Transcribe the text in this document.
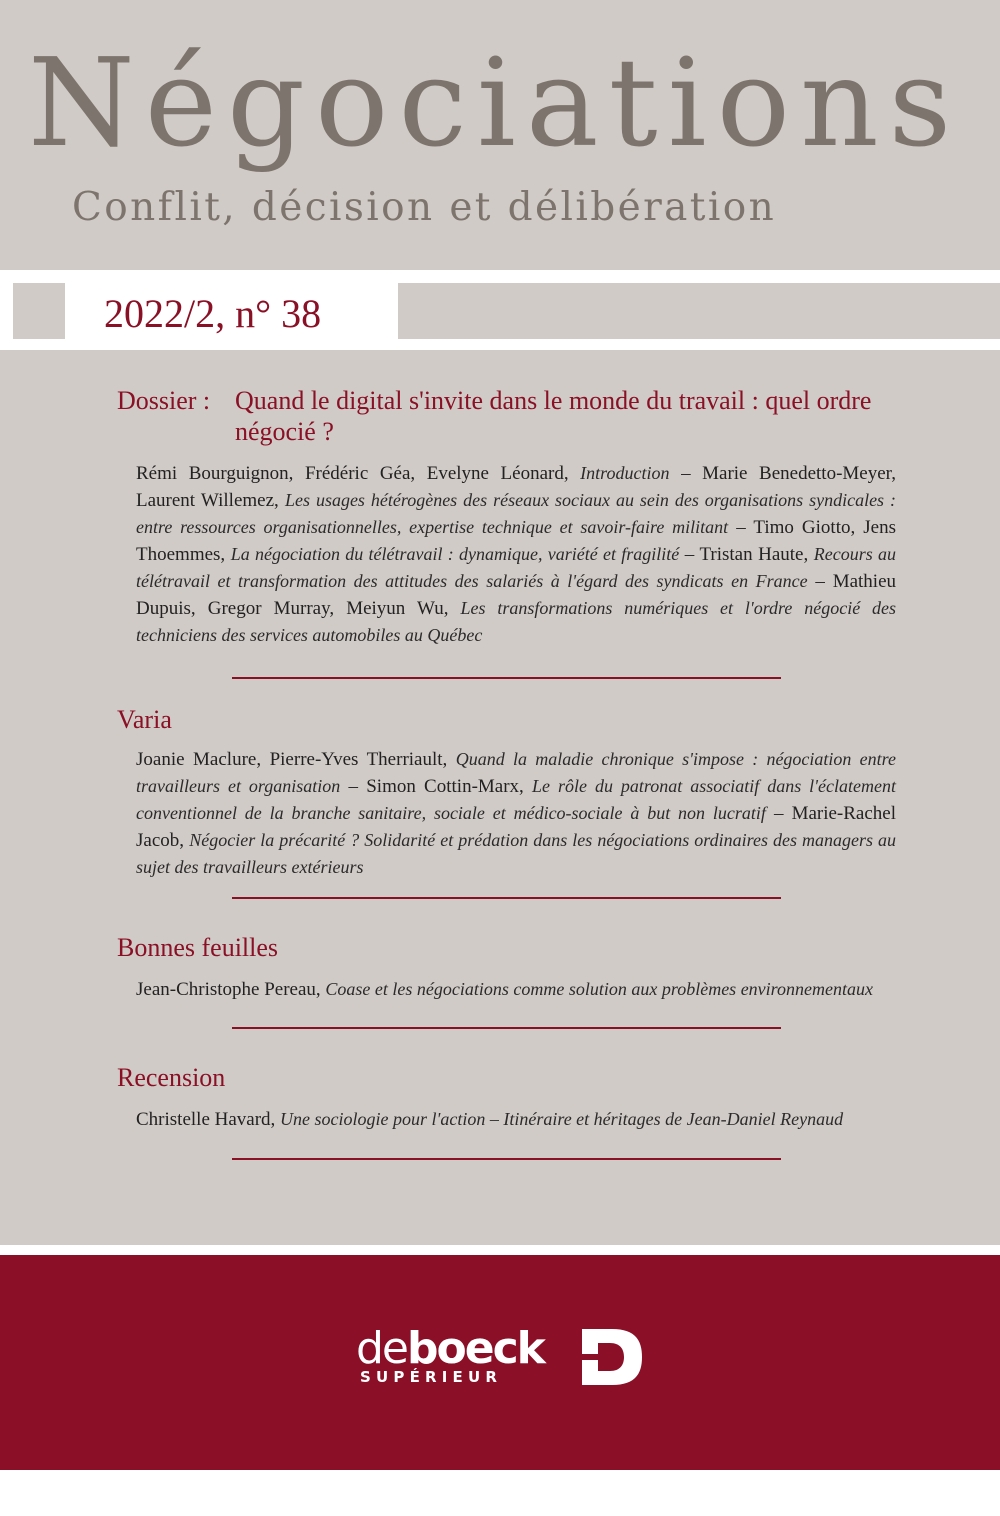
Négociations

Conflit, décision et délibération

2022/2, n° 38

Dossier : Quand le digital s'invite dans le monde du travail : quel ordre négocié ?

Rémi Bourguignon, Frédéric Géa, Evelyne Léonard, Introduction – Marie Benedetto-Meyer, Laurent Willemez, Les usages hétérogènes des réseaux sociaux au sein des organisations syndicales : entre ressources organisationnelles, expertise technique et savoir-faire militant – Timo Giotto, Jens Thoemmes, La négociation du télétravail : dynamique, variété et fragilité – Tristan Haute, Recours au télétravail et transformation des attitudes des salariés à l'égard des syndicats en France – Mathieu Dupuis, Gregor Murray, Meiyun Wu, Les transformations numériques et l'ordre négocié des techniciens des services automobiles au Québec

Varia

Joanie Maclure, Pierre-Yves Therriault, Quand la maladie chronique s'impose : négociation entre travailleurs et organisation – Simon Cottin-Marx, Le rôle du patronat associatif dans l'éclatement conventionnel de la branche sanitaire, sociale et médico-sociale à but non lucratif – Marie-Rachel Jacob, Négocier la précarité ? Solidarité et prédation dans les négociations ordinaires des managers au sujet des travailleurs extérieurs

Bonnes feuilles

Jean-Christophe Pereau, Coase et les négociations comme solution aux problèmes environnementaux

Recension

Christelle Havard, Une sociologie pour l'action – Itinéraire et héritages de Jean-Daniel Reynaud

deboeck

SUPÉRIEUR
